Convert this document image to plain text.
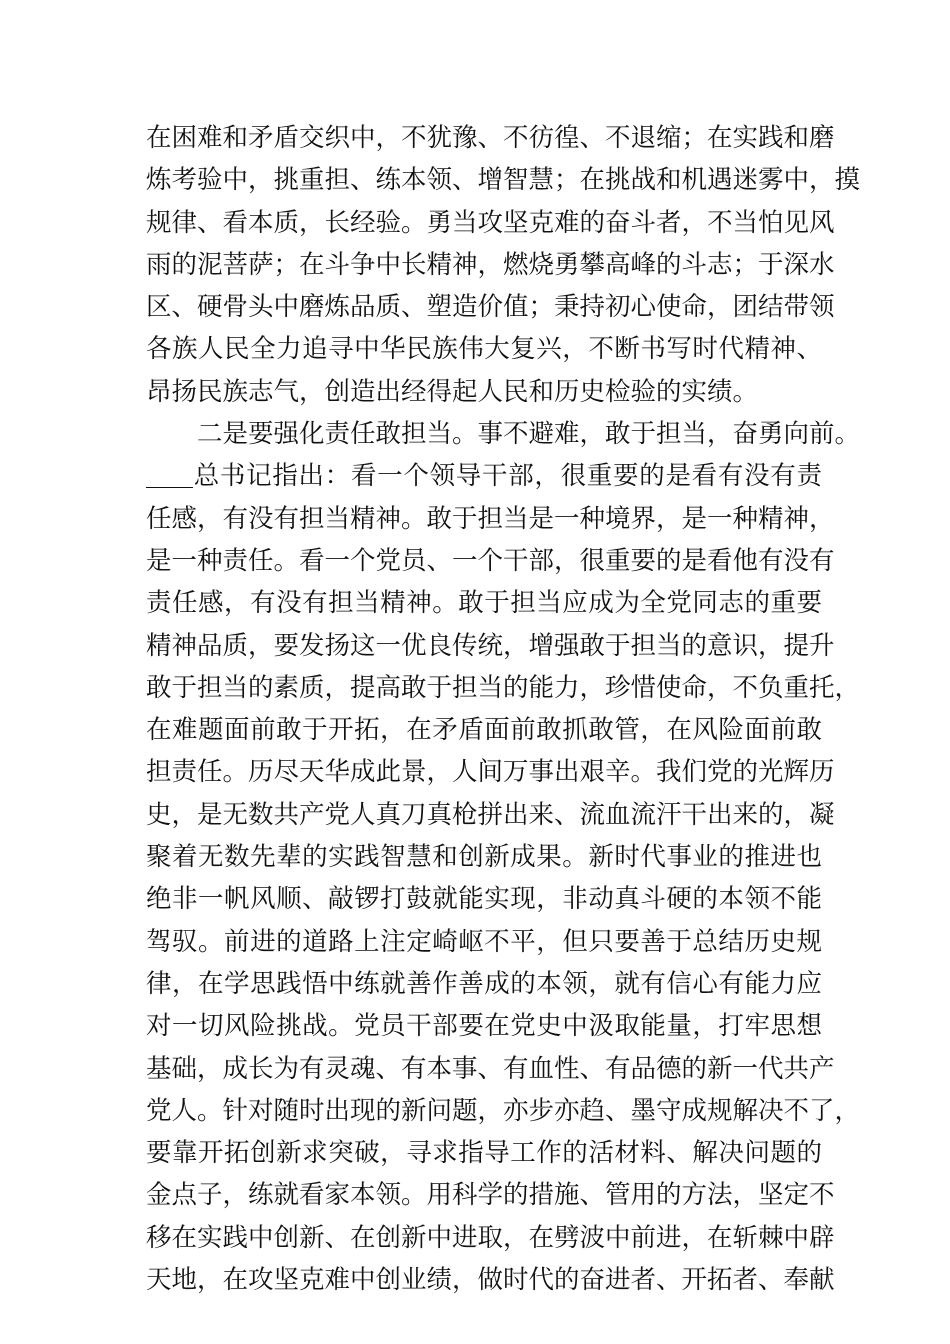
在困难和矛盾交织中，不犹豫、不彷徨、不退缩；在实践和磨
炼考验中，挑重担、练本领、增智慧；在挑战和机遇迷雾中，摸
规律、看本质，长经验。勇当攻坚克难的奋斗者，不当怕见风
雨的泥菩萨；在斗争中长精神，燃烧勇攀高峰的斗志；于深水
区、硬骨头中磨炼品质、塑造价值；秉持初心使命，团结带领
各族人民全力追寻中华民族伟大复兴，不断书写时代精神、
昂扬民族志气，创造出经得起人民和历史检验的实绩。
二是要强化责任敢担当。事不避难，敢于担当，奋勇向前。
总书记指出：看一个领导干部，很重要的是看有没有责
任感，有没有担当精神。敢于担当是一种境界，是一种精神，
是一种责任。看一个党员、一个干部，很重要的是看他有没有
责任感，有没有担当精神。敢于担当应成为全党同志的重要
精神品质，要发扬这一优良传统，增强敢于担当的意识，提升
敢于担当的素质，提高敢于担当的能力，珍惜使命，不负重托，
在难题面前敢于开拓，在矛盾面前敢抓敢管，在风险面前敢
担责任。历尽天华成此景，人间万事出艰辛。我们党的光辉历
史，是无数共产党人真刀真枪拼出来、流血流汗干出来的，凝
聚着无数先辈的实践智慧和创新成果。新时代事业的推进也
绝非一帆风顺、敲锣打鼓就能实现，非动真斗硬的本领不能
驾驭。前进的道路上注定崎岖不平，但只要善于总结历史规
律，在学思践悟中练就善作善成的本领，就有信心有能力应
对一切风险挑战。党员干部要在党史中汲取能量，打牢思想
基础，成长为有灵魂、有本事、有血性、有品德的新一代共产
党人。针对随时出现的新问题，亦步亦趋、墨守成规解决不了，
要靠开拓创新求突破，寻求指导工作的活材料、解决问题的
金点子，练就看家本领。用科学的措施、管用的方法，坚定不
移在实践中创新、在创新中进取，在劈波中前进，在斩棘中辟
天地，在攻坚克难中创业绩，做时代的奋进者、开拓者、奉献
